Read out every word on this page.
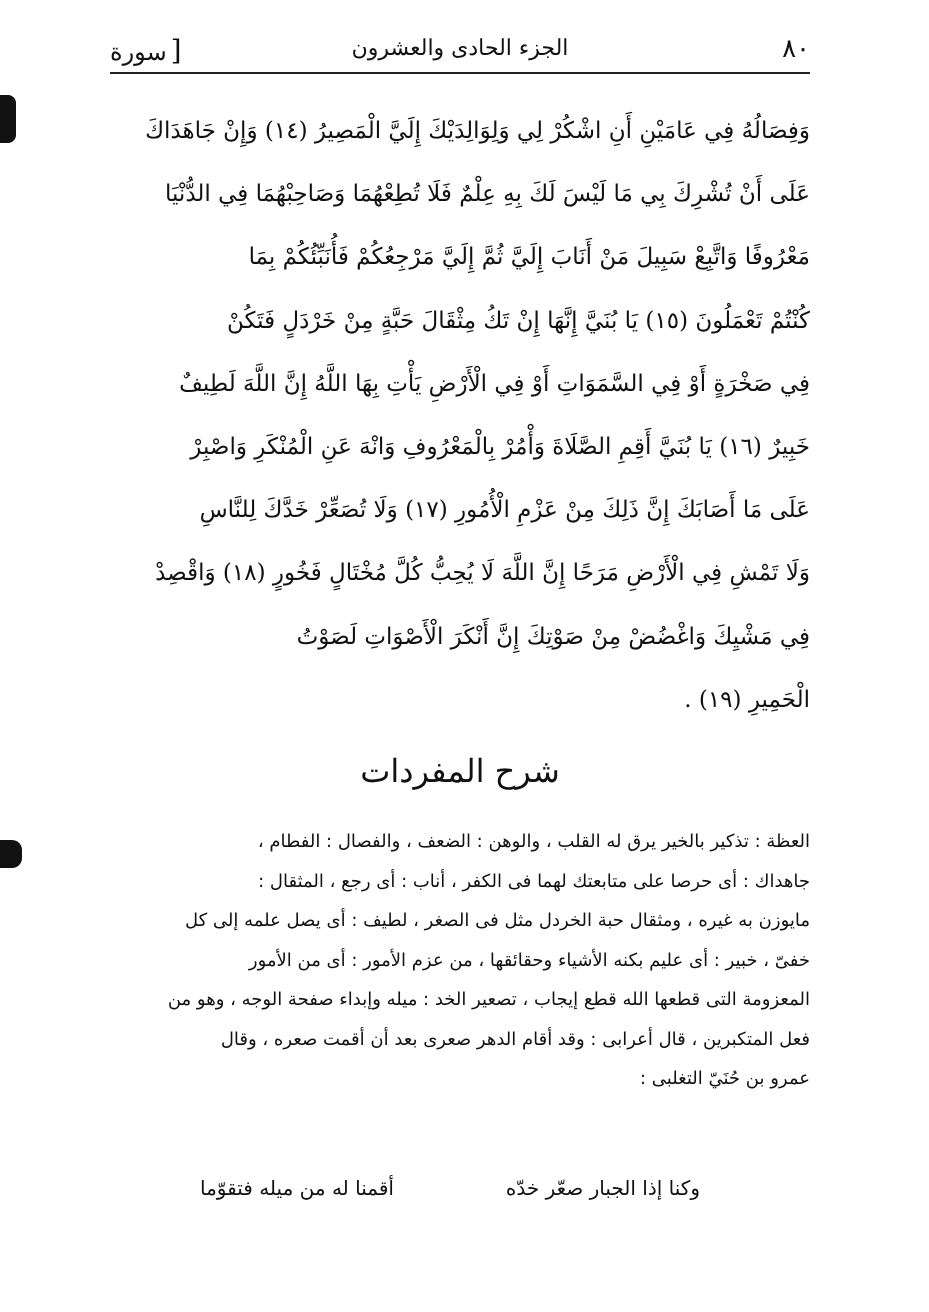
٨٠
الجزء الحادى والعشرون
[سورة
وَفِصَالُهُ فِي عَامَيْنِ أَنِ اشْكُرْ لِي وَلِوَالِدَيْكَ إِلَيَّ الْمَصِيرُ (١٤) وَإِنْ جَاهَدَاكَ
عَلَى أَنْ تُشْرِكَ بِي مَا لَيْسَ لَكَ بِهِ عِلْمٌ فَلَا تُطِعْهُمَا وَصَاحِبْهُمَا فِي الدُّنْيَا
مَعْرُوفًا وَاتَّبِعْ سَبِيلَ مَنْ أَنَابَ إِلَيَّ ثُمَّ إِلَيَّ مَرْجِعُكُمْ فَأُنَبِّئُكُمْ بِمَا
كُنْتُمْ تَعْمَلُونَ (١٥) يَا بُنَيَّ إِنَّهَا إِنْ تَكُ مِثْقَالَ حَبَّةٍ مِنْ خَرْدَلٍ فَتَكُنْ
فِي صَخْرَةٍ أَوْ فِي السَّمَوَاتِ أَوْ فِي الْأَرْضِ يَأْتِ بِهَا اللَّهُ إِنَّ اللَّهَ لَطِيفٌ
خَبِيرٌ (١٦) يَا بُنَيَّ أَقِمِ الصَّلَاةَ وَأْمُرْ بِالْمَعْرُوفِ وَانْهَ عَنِ الْمُنْكَرِ وَاصْبِرْ
عَلَى مَا أَصَابَكَ إِنَّ ذَلِكَ مِنْ عَزْمِ الْأُمُورِ (١٧) وَلَا تُصَعِّرْ خَدَّكَ لِلنَّاسِ
وَلَا تَمْشِ فِي الْأَرْضِ مَرَحًا إِنَّ اللَّهَ لَا يُحِبُّ كُلَّ مُخْتَالٍ فَخُورٍ (١٨) وَاقْصِدْ
فِي مَشْيِكَ وَاغْضُضْ مِنْ صَوْتِكَ إِنَّ أَنْكَرَ الْأَصْوَاتِ لَصَوْتُ
الْحَمِيرِ (١٩) .
شرح المفردات
العظة : تذكير بالخير يرق له القلب ، والوهن : الضعف ، والفصال : الفطام ،
جاهداك : أى حرصا على متابعتك لهما فى الكفر ، أناب : أى رجع ، المثقال :
مايوزن به غيره ، ومثقال حبة الخردل مثل فى الصغر ، لطيف : أى يصل علمه إلى كل
خفىّ ، خبير : أى عليم بكنه الأشياء وحقائقها ، من عزم الأمور : أى من الأمور
المعزومة التى قطعها الله قطع إيجاب ، تصعير الخد : ميله وإبداء صفحة الوجه ، وهو من
فعل المتكبرين ، قال أعرابى : وقد أقام الدهر صعرى بعد أن أقمت صعره ، وقال
عمرو بن حُنَيّ التغلبى :
وكنا إذا الجبار صعّر خدّه
أقمنا له من ميله فتقوّما
